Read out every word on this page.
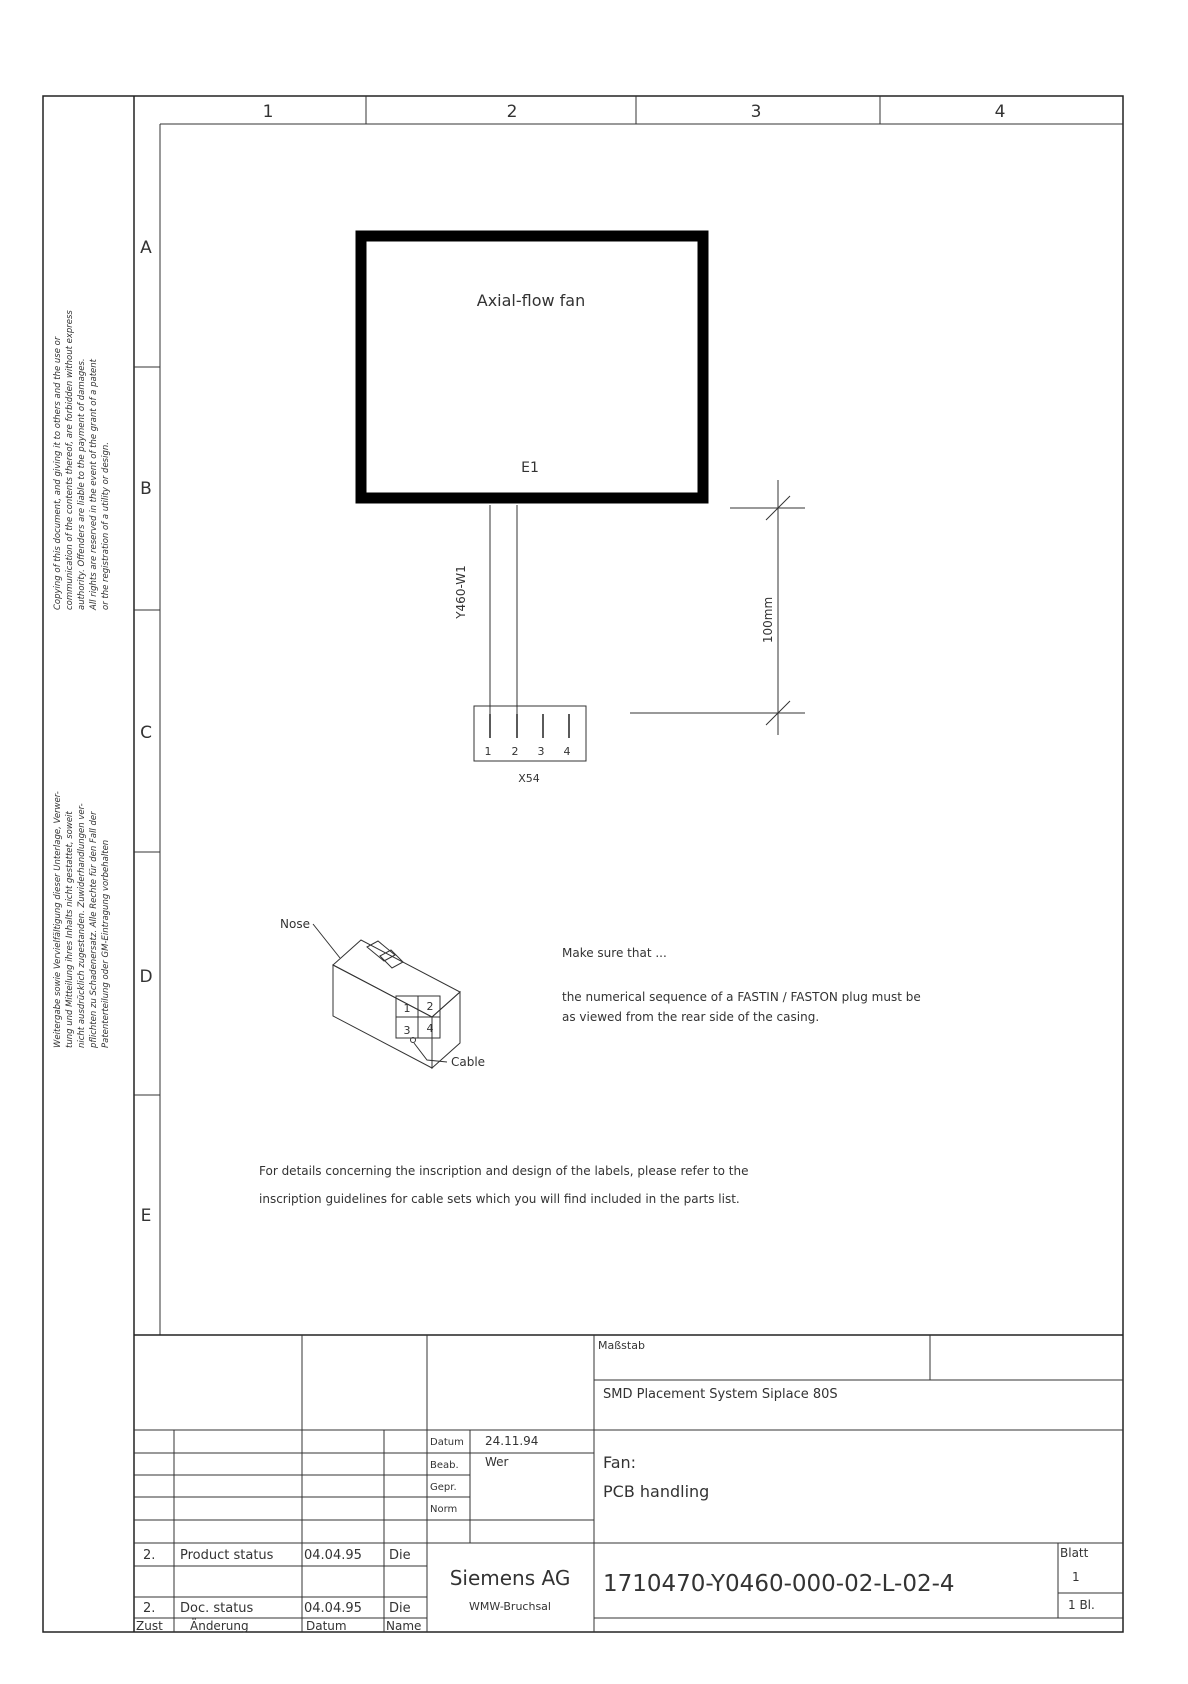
1	2	3	4
A
B
C
D
E
Copying of this document, and giving it to others and the use or communication of the contents thereof, are forbidden without express authority. Offenders are liable to the payment of damages. All rights are reserved in the event of the grant of a patent or the registration of a utility or design.
Weitergabe sowie Vervielfältigung dieser Unterlage, Verwer- tung und Mitteilung ihres Inhalts nicht gestattet, soweit nicht ausdrücklich zugestanden. Zuwiderhandlungen ver- pflichten zu Schadenersatz. Alle Rechte für den Fall der Patenterteilung oder GM-Eintragung vorbehalten
Axial-flow fan
E1
Y460-W1
1 2 3 4
X54
100mm
1 2
3 4
Nose
Cable
Make sure that ...
the numerical sequence of a FASTIN / FASTON plug must be
as viewed from the rear side of the casing.
For details concerning the inscription and design of the labels, please refer to the
inscription guidelines for cable sets which you will find included in the parts list.
Maßstab
SMD Placement System Siplace 80S
Datum 24.11.94
Beab. Wer
Gepr.
Norm
Fan:
PCB handling
2. Product status 04.04.95 Die
2. Doc. status	04.04.95 Die
Zust Änderung	Datum	Name
Siemens AG
WMW-Bruchsal
1710470-Y0460-000-02-L-02-4
Blatt
1
1 Bl.
